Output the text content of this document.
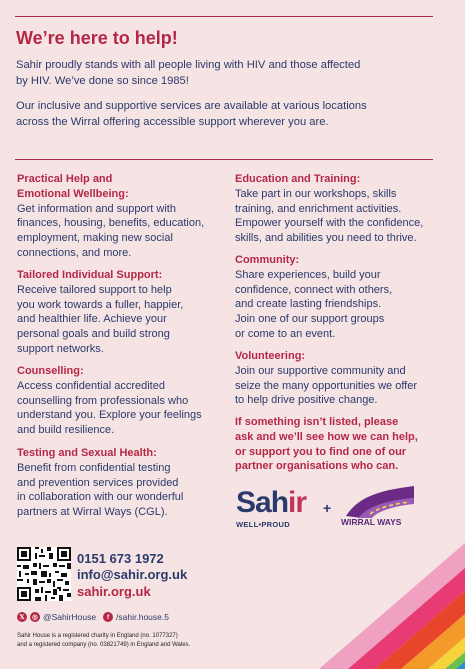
We’re here to help!
Sahir proudly stands with all people living with HIV and those affected
by HIV. We’ve done so since 1985!
Our inclusive and supportive services are available at various locations
across the Wirral offering accessible support wherever you are.
Practical Help and
Emotional Wellbeing:
Get information and support with
finances, housing, benefits, education,
employment, making new social
connections, and more.
Tailored Individual Support:
Receive tailored support to help
you work towards a fuller, happier,
and healthier life. Achieve your
personal goals and build strong
support networks.
Counselling:
Access confidential accredited
counselling from professionals who
understand you. Explore your feelings
and build resilience.
Testing and Sexual Health:
Benefit from confidential testing
and prevention services provided
in collaboration with our wonderful
partners at Wirral Ways (CGL).
Education and Training:
Take part in our workshops, skills
training, and enrichment activities.
Empower yourself with the confidence,
skills, and abilities you need to thrive.
Community:
Share experiences, build your
confidence, connect with others,
and create lasting friendships.
Join one of our support groups
or come to an event.
Volunteering:
Join our supportive community and
seize the many opportunities we offer
to help drive positive change.
If something isn’t listed, please
ask and we’ll see how we can help,
or support you to find one of our
partner organisations who can.
Sahir
WELL•PROUD
+
WIRRAL WAYS
0151 673 1972
info@sahir.org.uk
sahir.org.uk
𝕏	◎ @SahirHouse	f /sahir.house.5
Sahir House is a registered charity in England (no. 1077327)
and a registered company (no. 03821749) in England and Wales.
